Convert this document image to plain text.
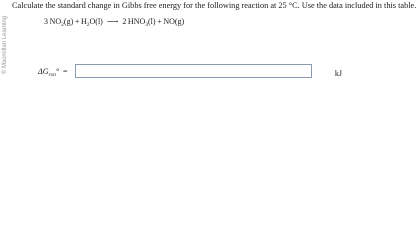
© Macmillan Learning
Calculate the standard change in Gibbs free energy for the following reaction at 25 °C. Use the data included in this table.
3  $NO_2(g) + H_2O(l)$ ⟶ 2  $HNO_3(l) + NO(g)$
$\Delta G_{rxn}^\circ$ =	kJ
